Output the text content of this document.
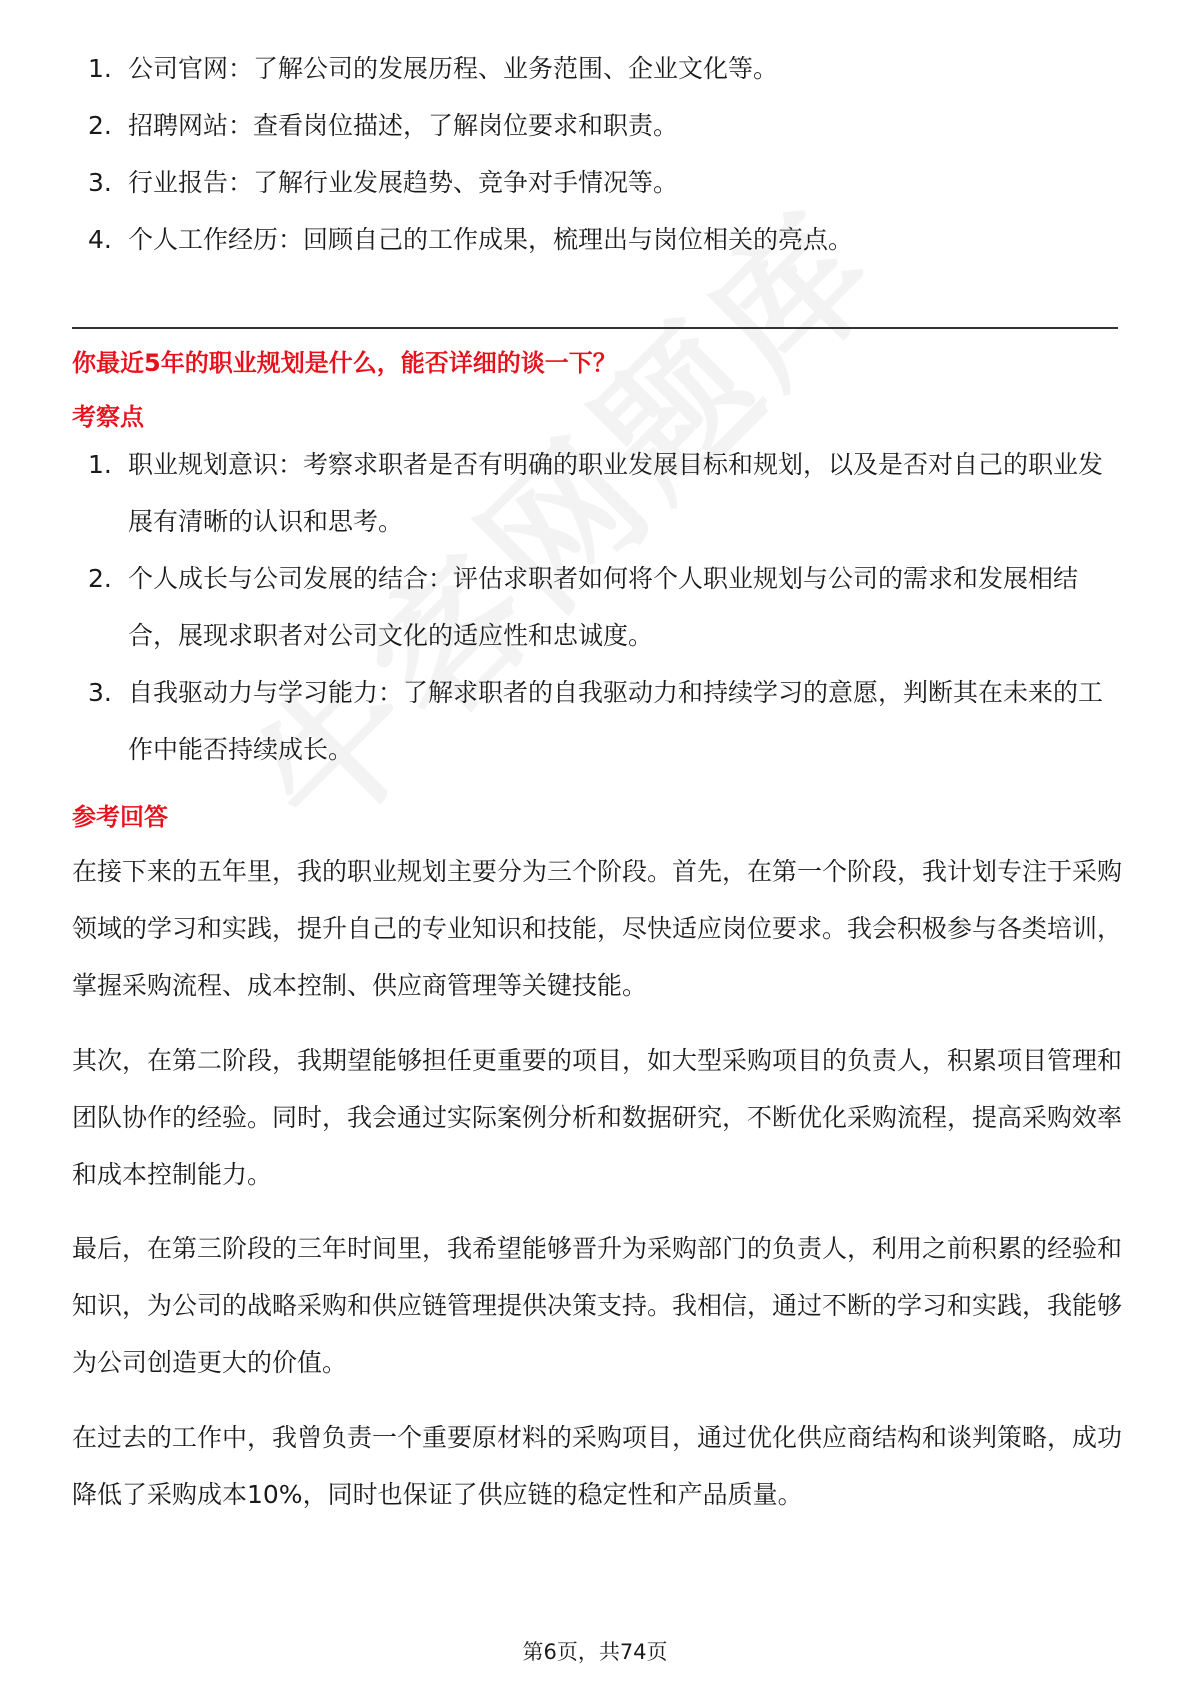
1. 公司官网：了解公司的发展历程、业务范围、企业文化等。
2. 招聘网站：查看岗位描述，了解岗位要求和职责。
3. 行业报告：了解行业发展趋势、竞争对手情况等。
4. 个人工作经历：回顾自己的工作成果，梳理出与岗位相关的亮点。
你最近5年的职业规划是什么，能否详细的谈一下？
考察点
1. 职业规划意识：考察求职者是否有明确的职业发展目标和规划，以及是否对自己的职业发展有清晰的认识和思考。
2. 个人成长与公司发展的结合：评估求职者如何将个人职业规划与公司的需求和发展相结合，展现求职者对公司文化的适应性和忠诚度。
3. 自我驱动力与学习能力：了解求职者的自我驱动力和持续学习的意愿，判断其在未来的工作中能否持续成长。
参考回答

在接下来的五年里，我的职业规划主要分为三个阶段。首先，在第一个阶段，我计划专注于采购领域的学习和实践，提升自己的专业知识和技能，尽快适应岗位要求。我会积极参与各类培训，掌握采购流程、成本控制、供应商管理等关键技能。

其次，在第二阶段，我期望能够担任更重要的项目，如大型采购项目的负责人，积累项目管理和团队协作的经验。同时，我会通过实际案例分析和数据研究，不断优化采购流程，提高采购效率和成本控制能力。

最后，在第三阶段的三年时间里，我希望能够晋升为采购部门的负责人，利用之前积累的经验和知识，为公司的战略采购和供应链管理提供决策支持。我相信，通过不断的学习和实践，我能够为公司创造更大的价值。

在过去的工作中，我曾负责一个重要原材料的采购项目，通过优化供应商结构和谈判策略，成功降低了采购成本10%，同时也保证了供应链的稳定性和产品质量。

第6页，共74页
